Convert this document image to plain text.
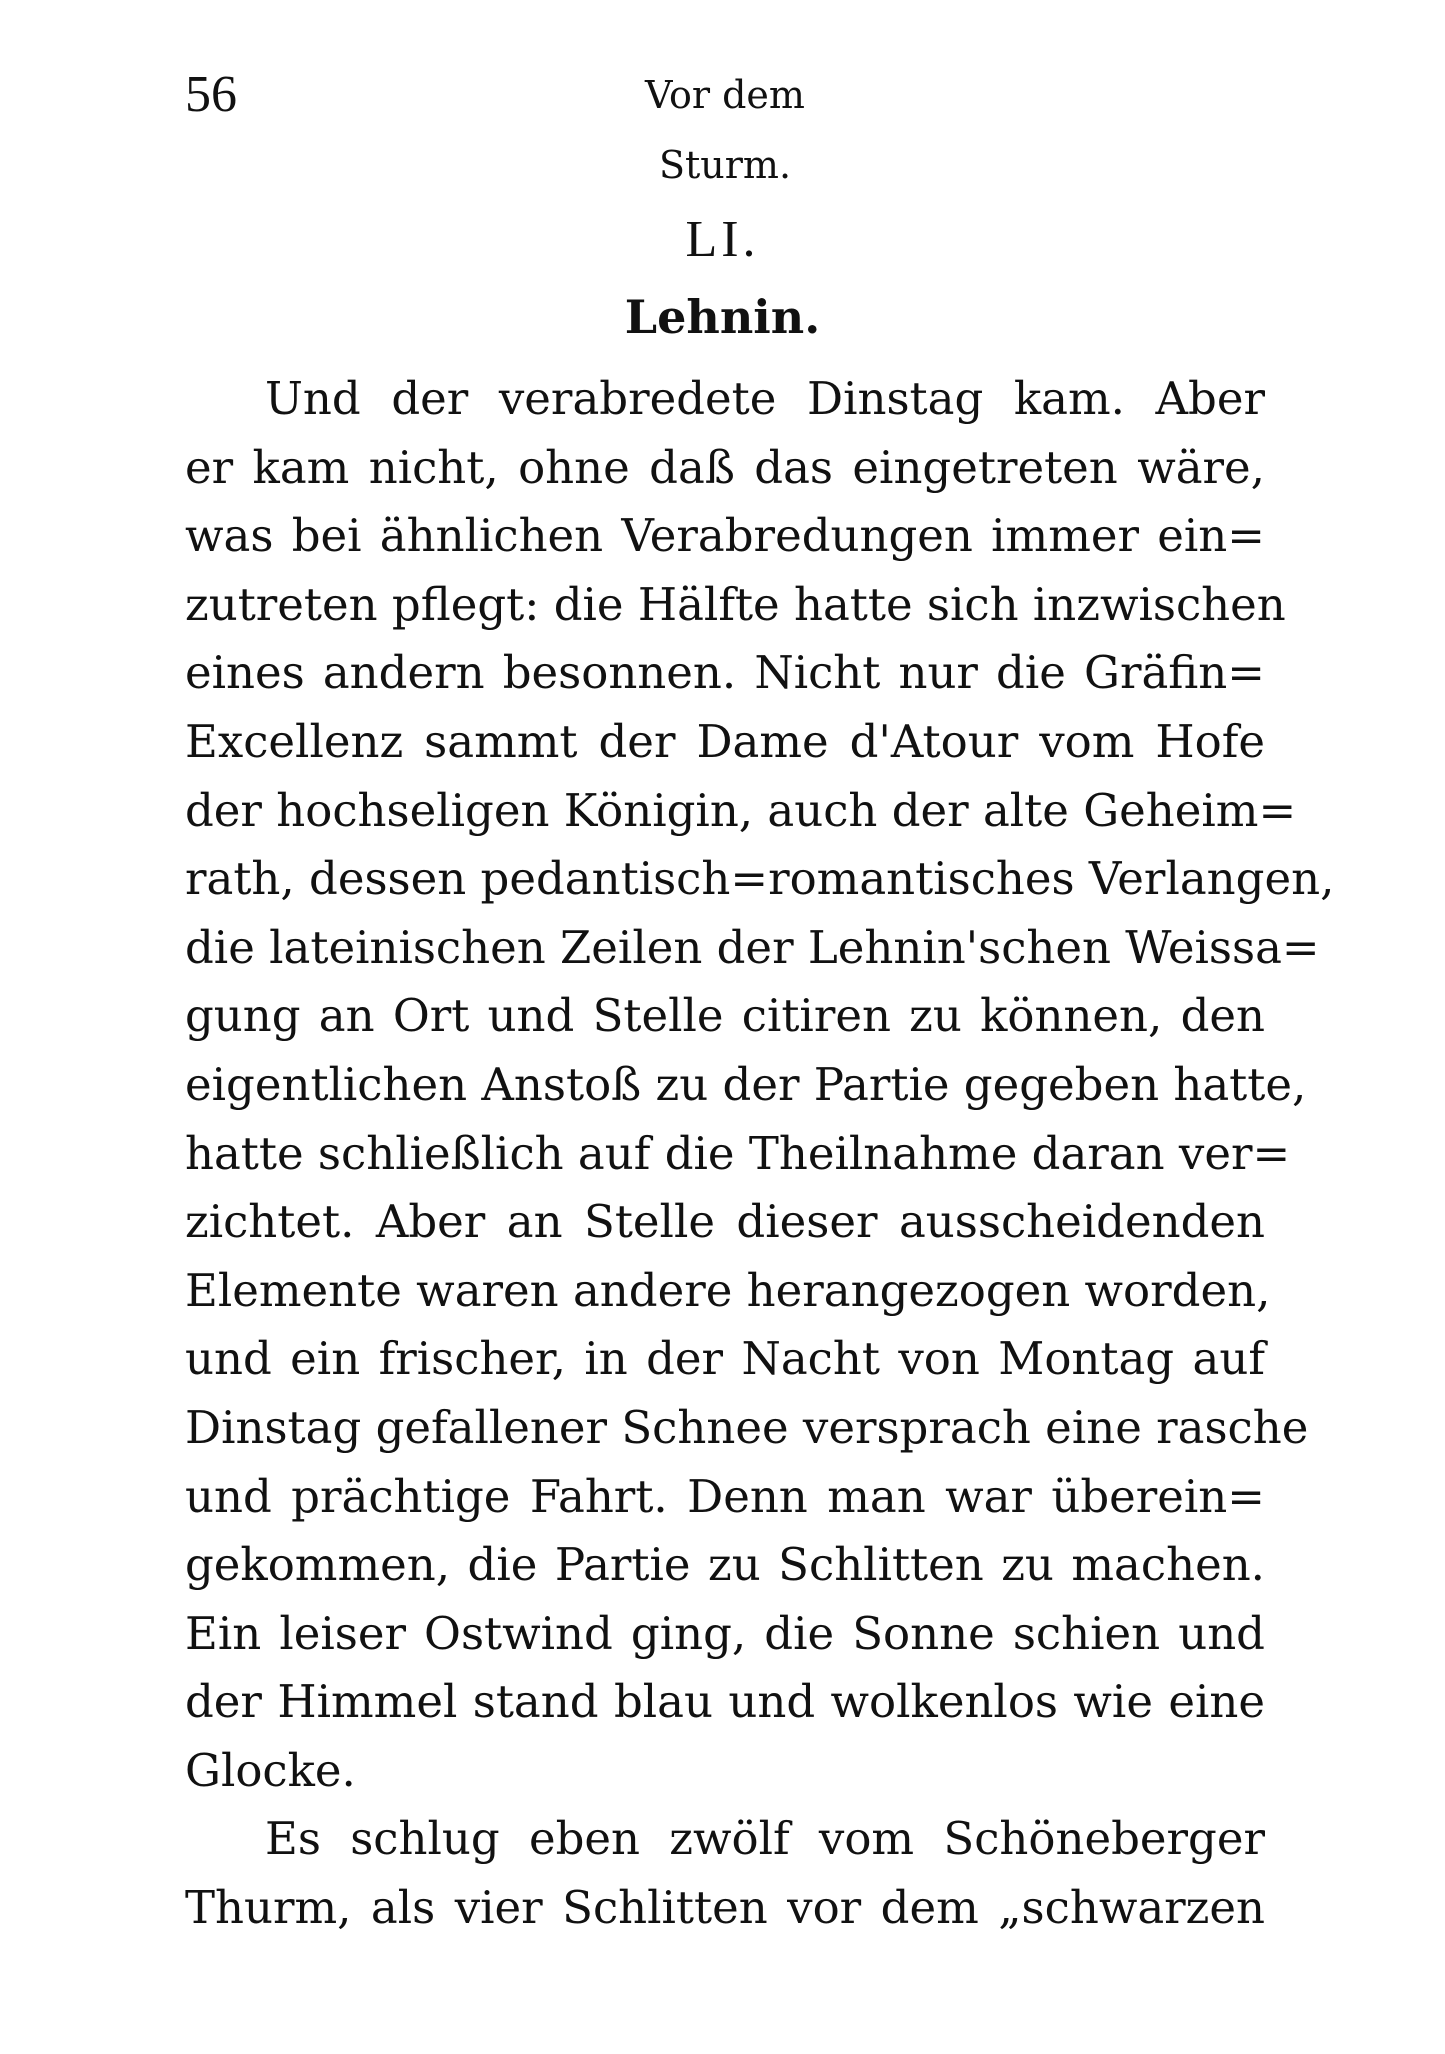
56	Vor dem Sturm.
LI.
Lehnin.
Und der verabredete Dinstag kam. Aber
er kam nicht, ohne daß das eingetreten wäre,
was bei ähnlichen Verabredungen immer ein=
zutreten pflegt: die Hälfte hatte sich inzwischen
eines andern besonnen. Nicht nur die Gräfin=
Excellenz sammt der Dame d'Atour vom Hofe
der hochseligen Königin, auch der alte Geheim=
rath, dessen pedantisch=romantisches Verlangen,
die lateinischen Zeilen der Lehnin'schen Weissa=
gung an Ort und Stelle citiren zu können, den
eigentlichen Anstoß zu der Partie gegeben hatte,
hatte schließlich auf die Theilnahme daran ver=
zichtet. Aber an Stelle dieser ausscheidenden
Elemente waren andere herangezogen worden,
und ein frischer, in der Nacht von Montag auf
Dinstag gefallener Schnee versprach eine rasche
und prächtige Fahrt. Denn man war überein=
gekommen, die Partie zu Schlitten zu machen.
Ein leiser Ostwind ging, die Sonne schien und
der Himmel stand blau und wolkenlos wie eine
Glocke.
Es schlug eben zwölf vom Schöneberger
Thurm, als vier Schlitten vor dem „schwarzen
